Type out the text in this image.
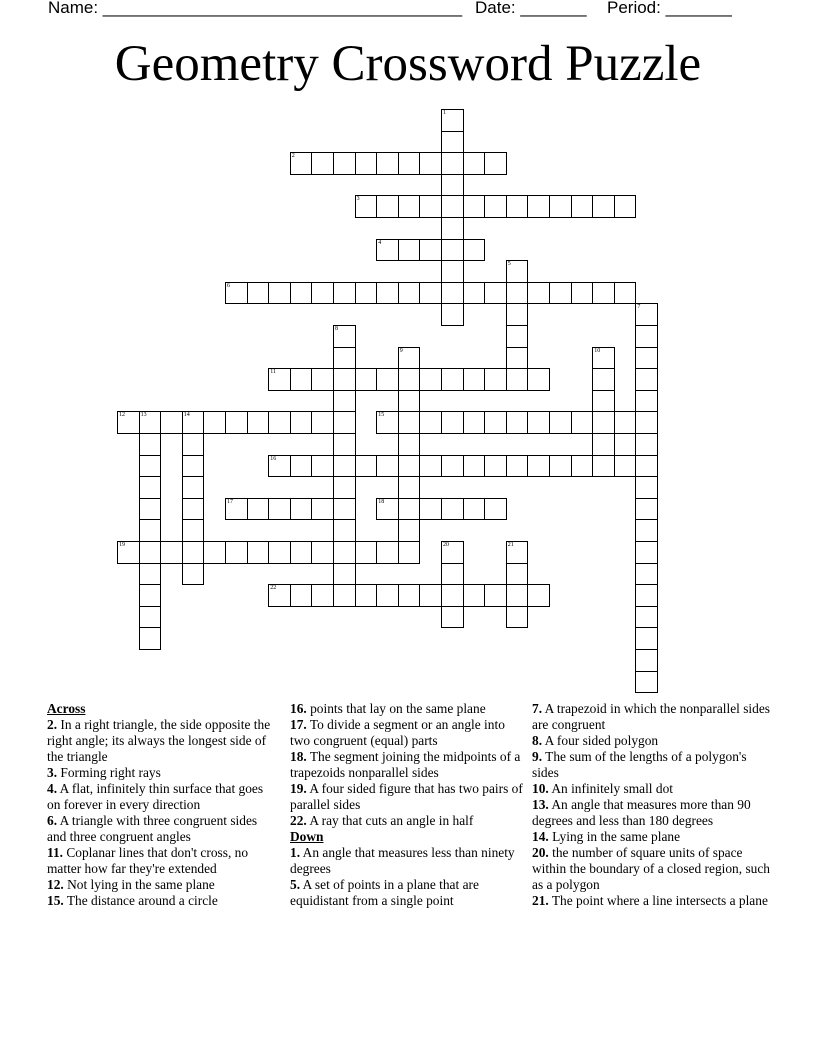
Name: ______________________________________ Date: _______ Period: _______
Geometry Crossword Puzzle
1
2
3
4
5
6
7
8
9	10
11
12	13	14	15
16
17	18
19	20	21
22

Across

2. In a right triangle, the side opposite the right angle; its always the longest side of the triangle

3. Forming right rays

4. A flat, infinitely thin surface that goes on forever in every direction

6. A triangle with three congruent sides and three congruent angles

11. Coplanar lines that don't cross, no matter how far they're extended

12. Not lying in the same plane

15. The distance around a circle

16. points that lay on the same plane

17. To divide a segment or an angle into two congruent (equal) parts

18. The segment joining the midpoints of a trapezoids nonparallel sides

19. A four sided figure that has two pairs of parallel sides

22. A ray that cuts an angle in half

Down

1. An angle that measures less than ninety degrees

5. A set of points in a plane that are equidistant from a single point

7. A trapezoid in which the nonparallel sides are congruent

8. A four sided polygon

9. The sum of the lengths of a polygon's sides

10. An infinitely small dot

13. An angle that measures more than 90 degrees and less than 180 degrees

14. Lying in the same plane

20. the number of square units of space within the boundary of a closed region, such as a polygon

21. The point where a line intersects a plane
